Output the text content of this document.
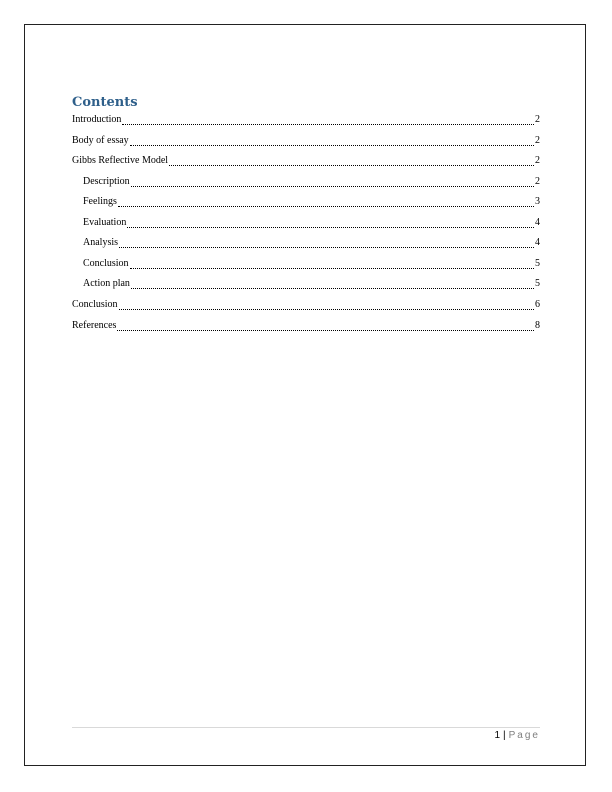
Contents
Introduction	2
Body of essay	2
Gibbs Reflective Model	2
Description	2
Feelings	3
Evaluation	4
Analysis	4
Conclusion	5
Action plan	5
Conclusion	6
References	8
1 | Page
